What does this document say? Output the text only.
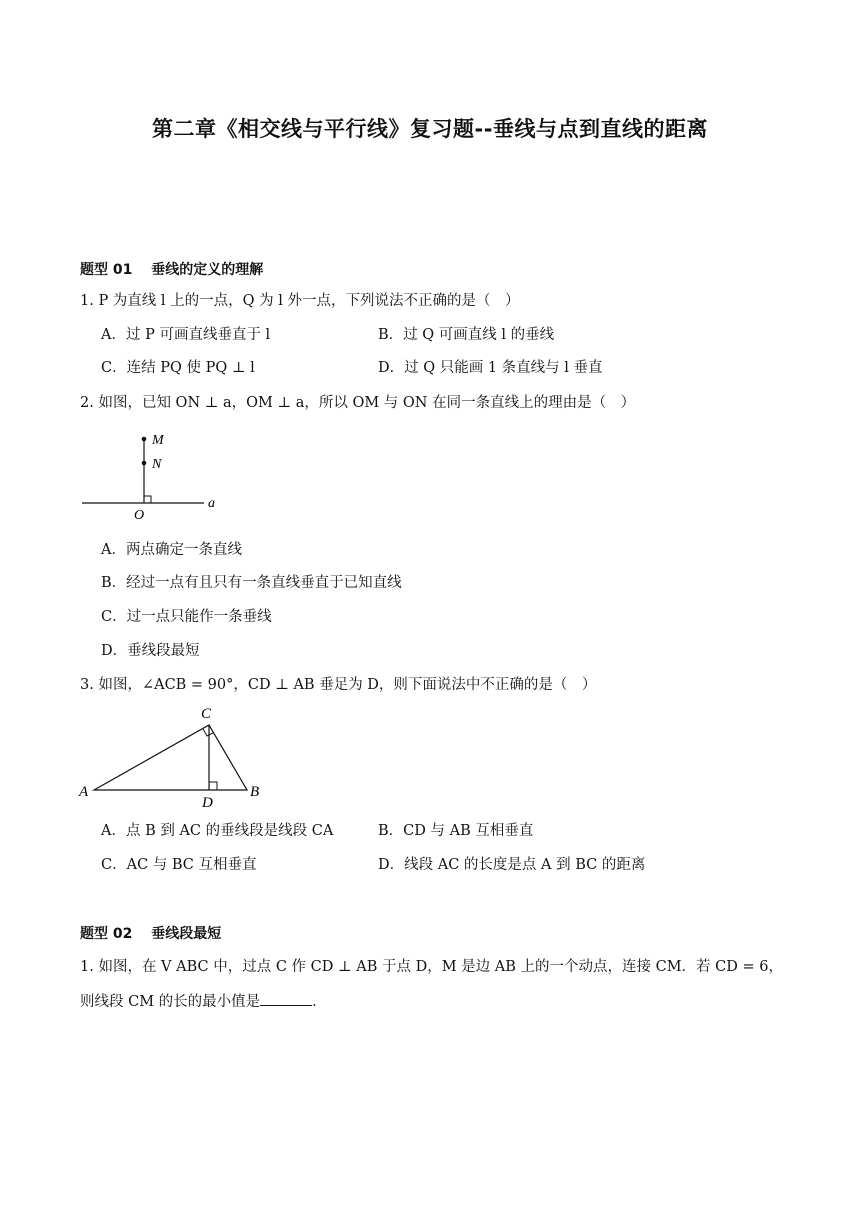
第二章《相交线与平行线》复习题--垂线与点到直线的距离
题型 01　 垂线的定义的理解
1. P 为直线 l 上的一点，Q 为 l 外一点，下列说法不正确的是（　）
A．过 P 可画直线垂直于 l	B．过 Q 可画直线 l 的垂线
C．连结 PQ 使 PQ ⊥ l	D．过 Q 只能画 1 条直线与 l 垂直
2. 如图，已知 ON ⊥ a，OM ⊥ a，所以 OM 与 ON 在同一条直线上的理由是（　）
M
N
O
a
A．两点确定一条直线
B．经过一点有且只有一条直线垂直于已知直线
C．过一点只能作一条垂线
D．垂线段最短
3. 如图，∠ACB = 90°，CD ⊥ AB 垂足为 D，则下面说法中不正确的是（　）
C
A
D
B
A．点 B 到 AC 的垂线段是线段 CA	B．CD 与 AB 互相垂直
C．AC 与 BC 互相垂直	D．线段 AC 的长度是点 A 到 BC 的距离
题型 02　 垂线段最短
1. 如图，在 V ABC 中，过点 C 作 CD ⊥ AB 于点 D，M 是边 AB 上的一个动点，连接 CM．若 CD = 6，
则线段 CM 的长的最小值是	．
